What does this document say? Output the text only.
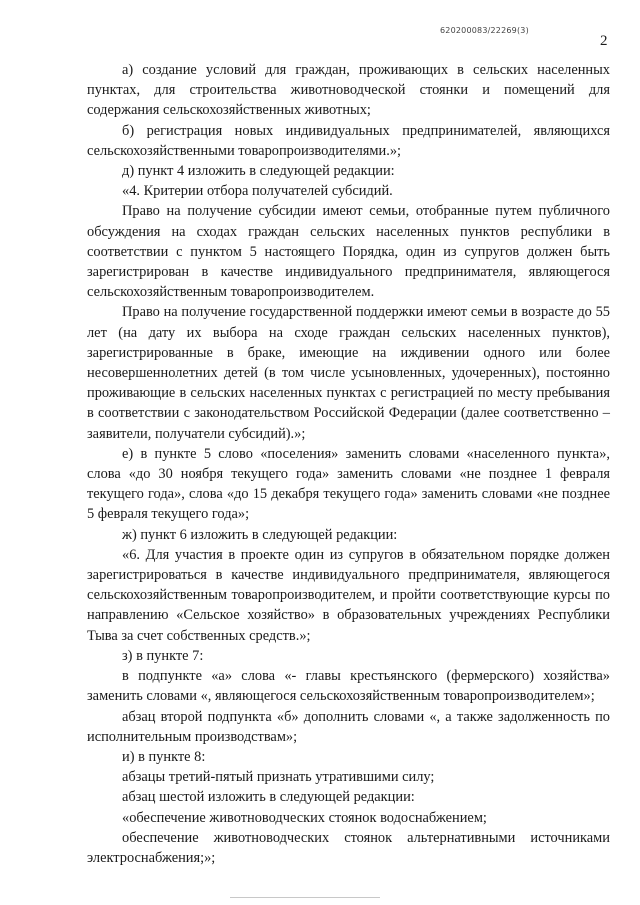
620200083/22269(3)
2

а) создание условий для граждан, проживающих в сельских населенных пунктах, для строительства животноводческой стоянки и помещений для содержания сельскохозяйственных животных;

б) регистрация новых индивидуальных предпринимателей, являющихся сельскохозяйственными товаропроизводителями.»;

д) пункт 4 изложить в следующей редакции:

«4. Критерии отбора получателей субсидий.

Право на получение субсидии имеют семьи, отобранные путем публичного обсуждения на сходах граждан сельских населенных пунктов республики в соответствии с пунктом 5 настоящего Порядка, один из супругов должен быть зарегистрирован в качестве индивидуального предпринимателя, являющегося сельскохозяйственным товаропроизводителем.

Право на получение государственной поддержки имеют семьи в возрасте до 55 лет (на дату их выбора на сходе граждан сельских населенных пунктов), зарегистрированные в браке, имеющие на иждивении одного или более несовершеннолетних детей (в том числе усыновленных, удочеренных), постоянно проживающие в сельских населенных пунктах с регистрацией по месту пребывания в соответствии с законодательством Российской Федерации (далее соответственно – заявители, получатели субсидий).»;

е) в пункте 5 слово «поселения» заменить словами «населенного пункта», слова «до 30 ноября текущего года» заменить словами «не позднее 1 февраля текущего года», слова «до 15 декабря текущего года» заменить словами «не позднее 5 февраля текущего года»;

ж) пункт 6 изложить в следующей редакции:

«6. Для участия в проекте один из супругов в обязательном порядке должен зарегистрироваться в качестве индивидуального предпринимателя, являющегося сельскохозяйственным товаропроизводителем, и пройти соответствующие курсы по направлению «Сельское хозяйство» в образовательных учреждениях Республики Тыва за счет собственных средств.»;

з) в пункте 7:

в подпункте «а» слова «- главы крестьянского (фермерского) хозяйства» заменить словами «, являющегося сельскохозяйственным товаропроизводителем»;

абзац второй подпункта «б» дополнить словами «, а также задолженность по исполнительным производствам»;

и) в пункте 8:

абзацы третий-пятый признать утратившими силу;

абзац шестой изложить в следующей редакции:

«обеспечение животноводческих стоянок водоснабжением;

обеспечение животноводческих стоянок альтернативными источниками электроснабжения;»;
